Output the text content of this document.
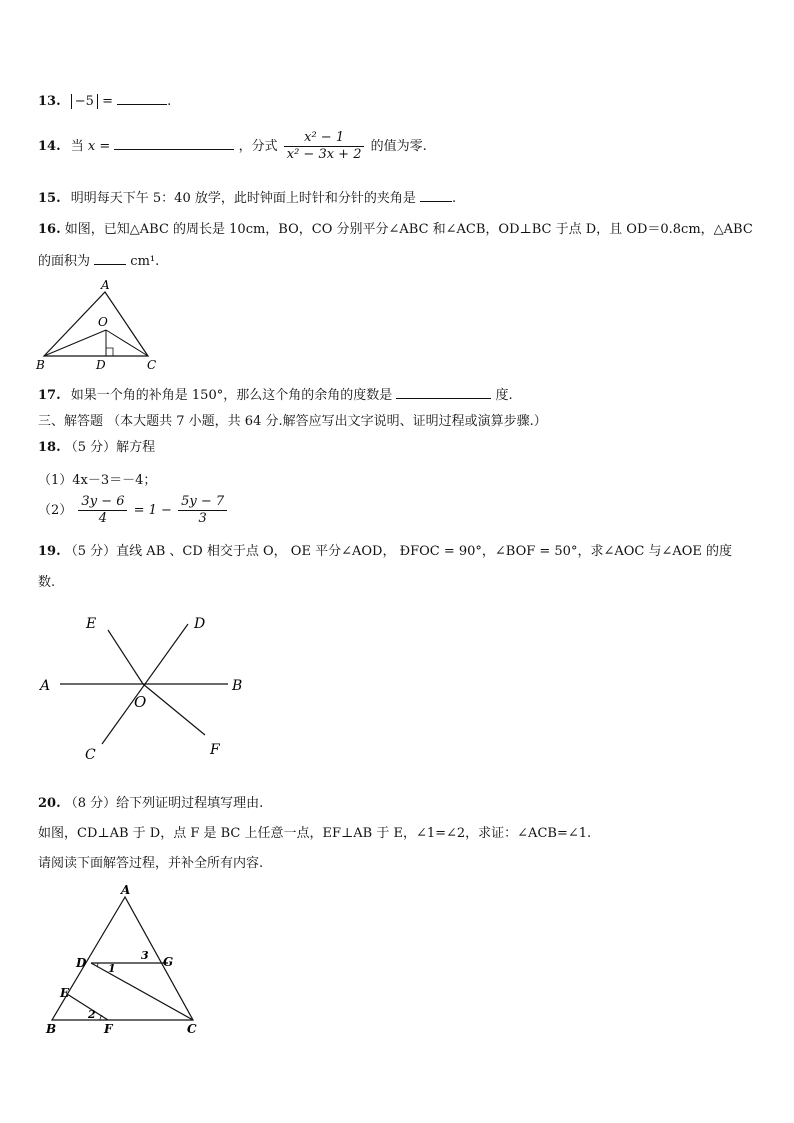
13. −5 =	.
14. 当 x =	，分式 $\frac{\text{x² − 1}}{\text{x² − 3x + 2}}$ 的值为零.
15. 明明每天下午 5：40 放学，此时钟面上时针和分针的夹角是	.
16. 如图，已知△ABC 的周长是 10cm，BO，CO 分别平分∠ABC 和∠ACB，OD⊥BC 于点 D，且 OD＝0.8cm，△ABC
的面积为	cm¹.
A
O
B	D	C
17. 如果一个角的补角是 150°，那么这个角的余角的度数是	度.
三、解答题 （本大题共 7 小题，共 64 分.解答应写出文字说明、证明过程或演算步骤.）
18. （5 分）解方程
（1）4x－3＝－4；
$(2) \frac{3y - 6}{4} = 1 - \frac{5y - 7}{3}$
19. （5 分）直线 AB 、CD 相交于点 O， OE 平分∠AOD， ÐFOC = 90°，∠BOF = 50°，求∠AOC 与∠AOE 的度
数.
E	D
A	B
O
C	F
20. （8 分）给下列证明过程填写理由.
如图，CD⊥AB 于 D，点 F 是 BC 上任意一点，EF⊥AB 于 E，∠1=∠2，求证：∠ACB=∠1.
请阅读下面解答过程，并补全所有内容.
A
D
3 G
1
E
2
B	F	C
